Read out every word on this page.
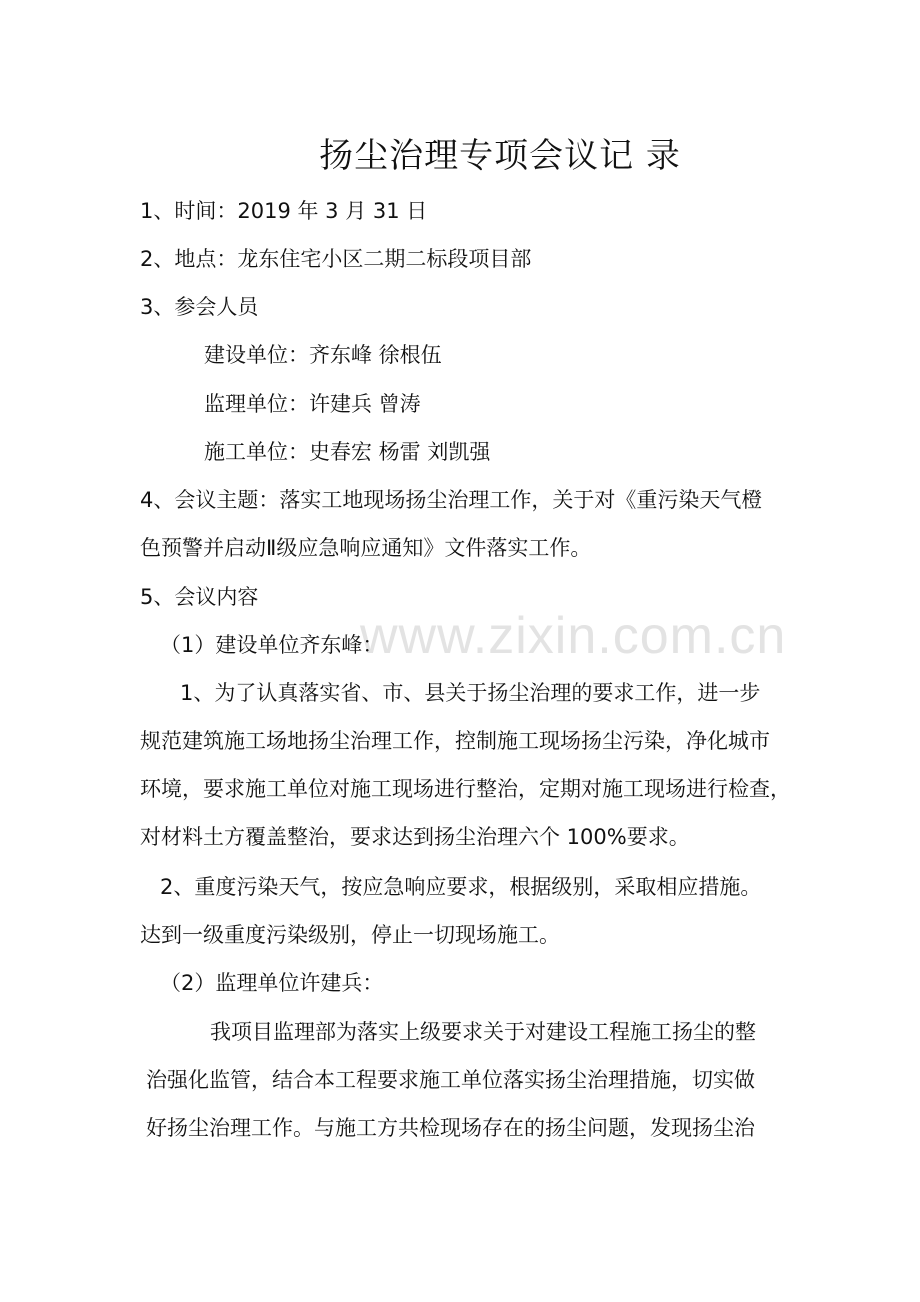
扬尘治理专项会议记 录
1、时间：2019 年 3 月 31 日
2、地点：龙东住宅小区二期二标段项目部
3、参会人员
建设单位：齐东峰 徐根伍
监理单位：许建兵 曾涛
施工单位：史春宏 杨雷 刘凯强
4、会议主题：落实工地现场扬尘治理工作，关于对《重污染天气橙
色预警并启动Ⅱ级应急响应通知》文件落实工作。
5、会议内容
www.zixin.com.cn
（1）建设单位齐东峰：
1、为了认真落实省、市、县关于扬尘治理的要求工作，进一步
规范建筑施工场地扬尘治理工作，控制施工现场扬尘污染，净化城市
环境，要求施工单位对施工现场进行整治，定期对施工现场进行检查，
对材料土方覆盖整治，要求达到扬尘治理六个 100%要求。
2、重度污染天气，按应急响应要求，根据级别，采取相应措施。
达到一级重度污染级别，停止一切现场施工。
（2）监理单位许建兵：
我项目监理部为落实上级要求关于对建设工程施工扬尘的整
治强化监管，结合本工程要求施工单位落实扬尘治理措施，切实做
好扬尘治理工作。与施工方共检现场存在的扬尘问题，发现扬尘治
